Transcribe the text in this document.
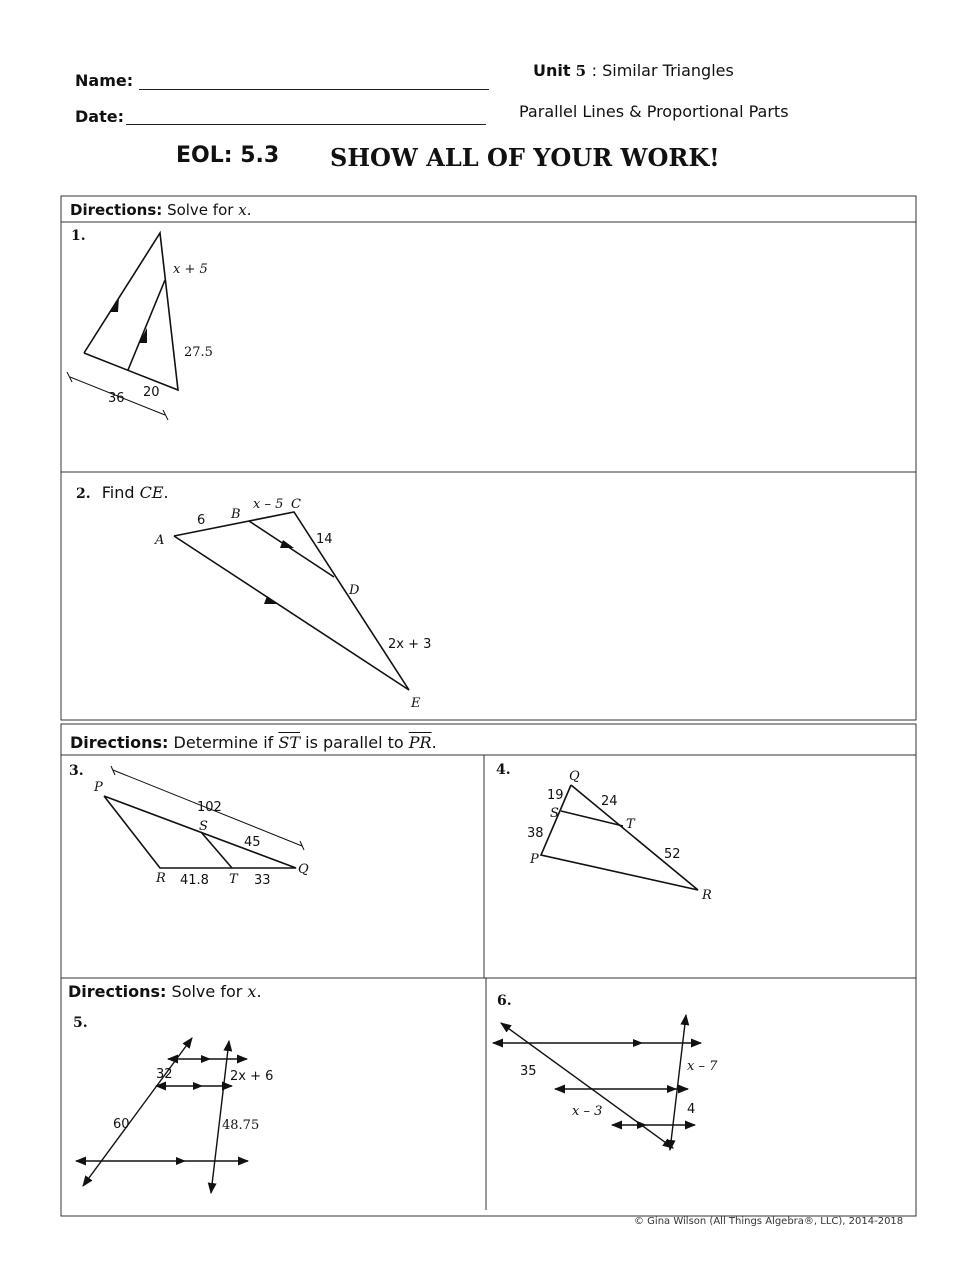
Name:
Date:
Unit 5 : Similar Triangles
Parallel Lines & Proportional Parts
EOL: 5.3 SHOW ALL OF YOUR WORK!
Directions: Solve for x.
Directions: Determine if $\overline{ST}$ is parallel to $\overline{PR}$.
Directions: Solve for x.
1.
2. Find CE.
3.	4.
5.
6.
x + 5
27.5
36 20
A
B
C
D
E
6
x – 5
14
2x + 3
P
S
R	T
Q
102
45
41.8	33
Q
S
T
P
R
19	24
38
52
32	2x + 6
60	48.75
35	x – 7
x – 3	4
© Gina Wilson (All Things Algebra®, LLC), 2014-2018
